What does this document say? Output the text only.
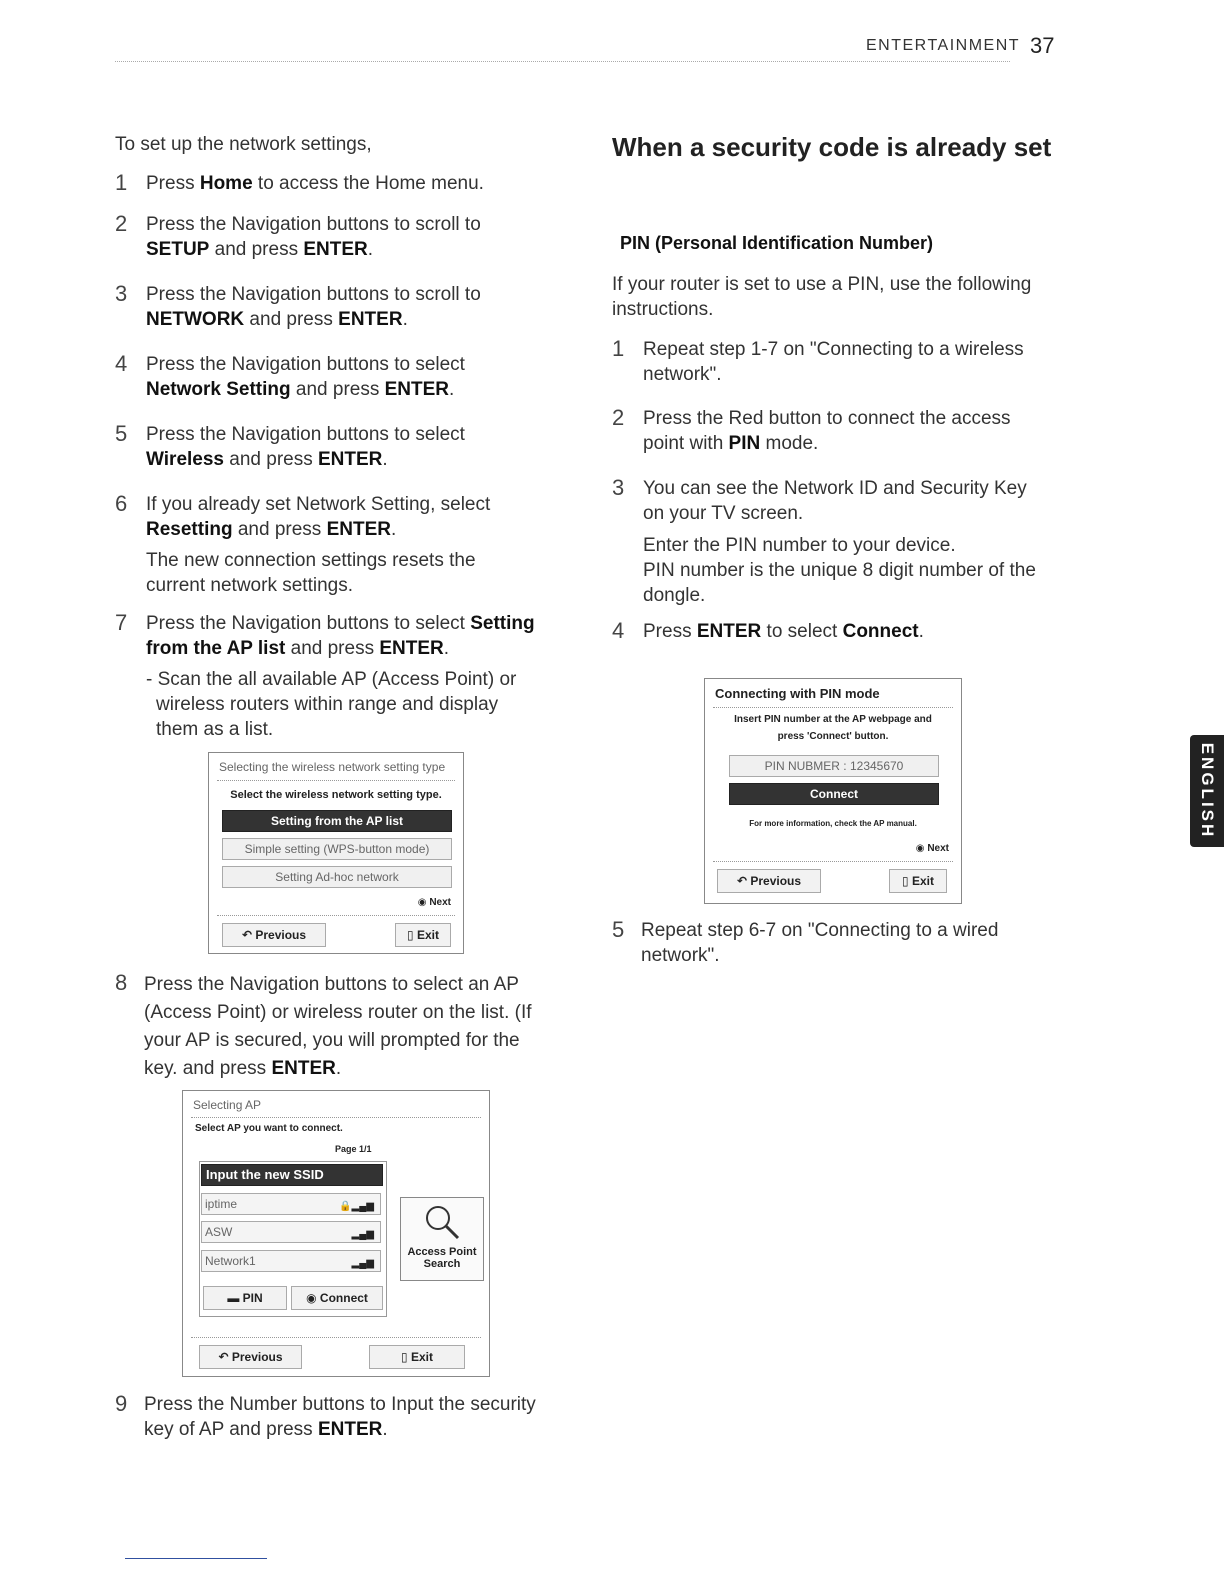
ENTERTAINMENT 37
To set up the network settings,
1 Press Home to access the Home menu.
2 Press the Navigation buttons to scroll to
SETUP and press ENTER.
3 Press the Navigation buttons to scroll to
NETWORK and press ENTER.
4 Press the Navigation buttons to select
Network Setting and press ENTER.
5 Press the Navigation buttons to select
Wireless and press ENTER.
6 If you already set Network Setting, select
Resetting and press ENTER.
The new connection settings resets the
current network settings.
7 Press the Navigation buttons to select Setting
from the AP list and press ENTER.
- Scan the all available AP (Access Point) or
wireless routers within range and display
them as a list.
Selecting the wireless network setting type
Select the wireless network setting type.
Setting from the AP list
Simple setting (WPS-button mode)
Setting Ad-hoc network
◉ Next
↶ Previous	▯ Exit
8 Press the Navigation buttons to select an AP
(Access Point) or wireless router on the list. (If
your AP is secured, you will prompted for the
key. and press ENTER.
Selecting AP
Select AP you want to connect.
Page 1/1
Input the new SSID
iptime	🔒▂▄▆
ASW	▂▄▆
Network1	▂▄▆
▬ PIN	◉ Connect
Access Point Search
↶ Previous	▯ Exit
9 Press the Number buttons to Input the security
key of AP and press ENTER.
When a security code is already set
PIN (Personal Identification Number)
If your router is set to use a PIN, use the following
instructions.
1 Repeat step 1-7 on "Connecting to a wireless
network".
2 Press the Red button to connect the access
point with PIN mode.
3 You can see the Network ID and Security Key
on your TV screen.
Enter the PIN number to your device.
PIN number is the unique 8 digit number of the
dongle.
4 Press ENTER to select Connect.
Connecting with PIN mode
Insert PIN number at the AP webpage and
press 'Connect' button.
PIN NUBMER : 12345670
Connect
For more information, check the AP manual.
◉ Next
↶ Previous	▯ Exit
5 Repeat step 6-7 on "Connecting to a wired
network".
ENGLISH
